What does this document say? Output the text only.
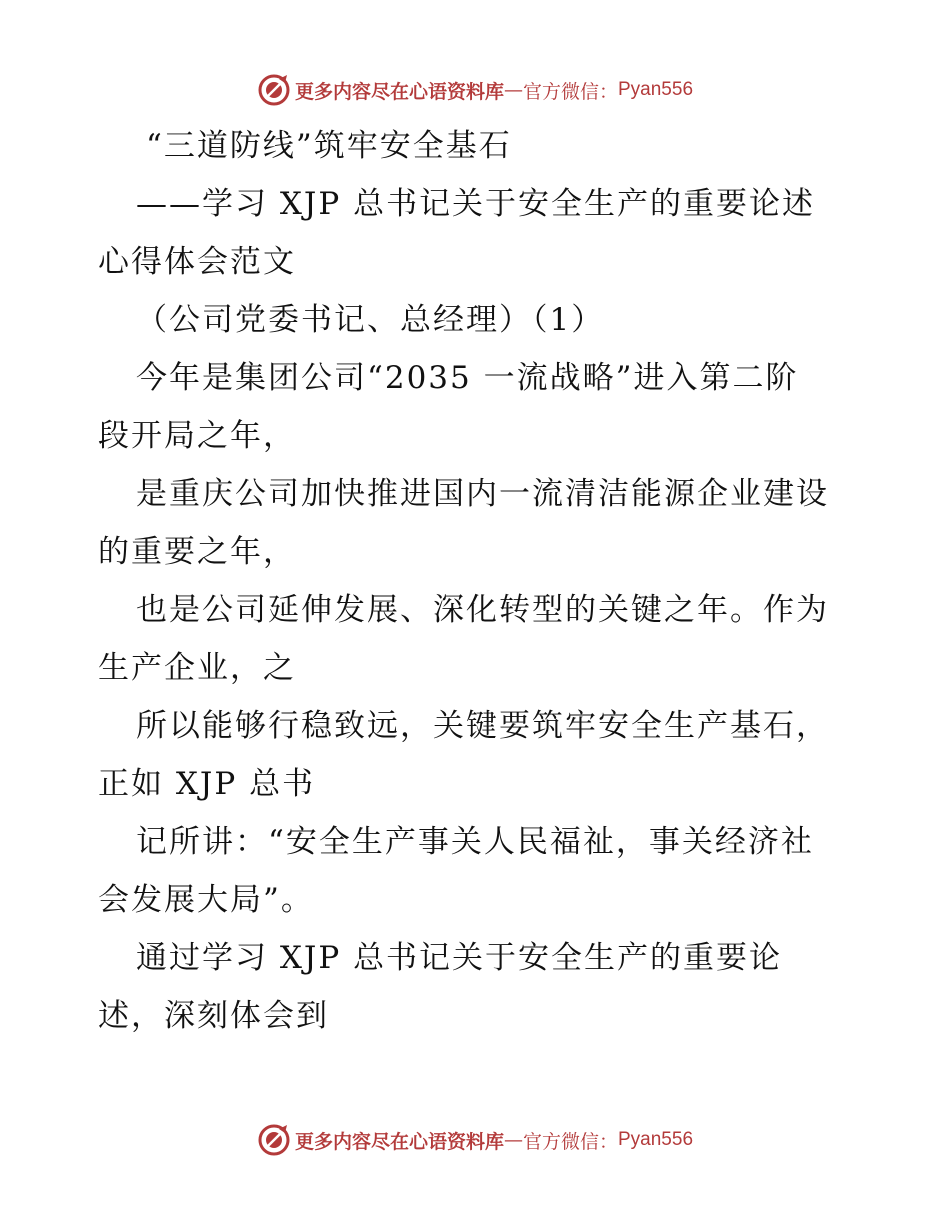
更多内容尽在心语资料库 — 官方微信： Pyan556
“三道防线”筑牢安全基石
——学习 XJP 总书记关于安全生产的重要论述
心得体会范文
（公司党委书记、总经理）（1）
今年是集团公司“2035 一流战略”进入第二阶
段开局之年，
是重庆公司加快推进国内一流清洁能源企业建设
的重要之年，
也是公司延伸发展、深化转型的关键之年。作为
生产企业，之
所以能够行稳致远，关键要筑牢安全生产基石，
正如 XJP 总书
记所讲：“安全生产事关人民福祉，事关经济社
会发展大局”。
通过学习 XJP 总书记关于安全生产的重要论
述，深刻体会到
更多内容尽在心语资料库 — 官方微信： Pyan556
